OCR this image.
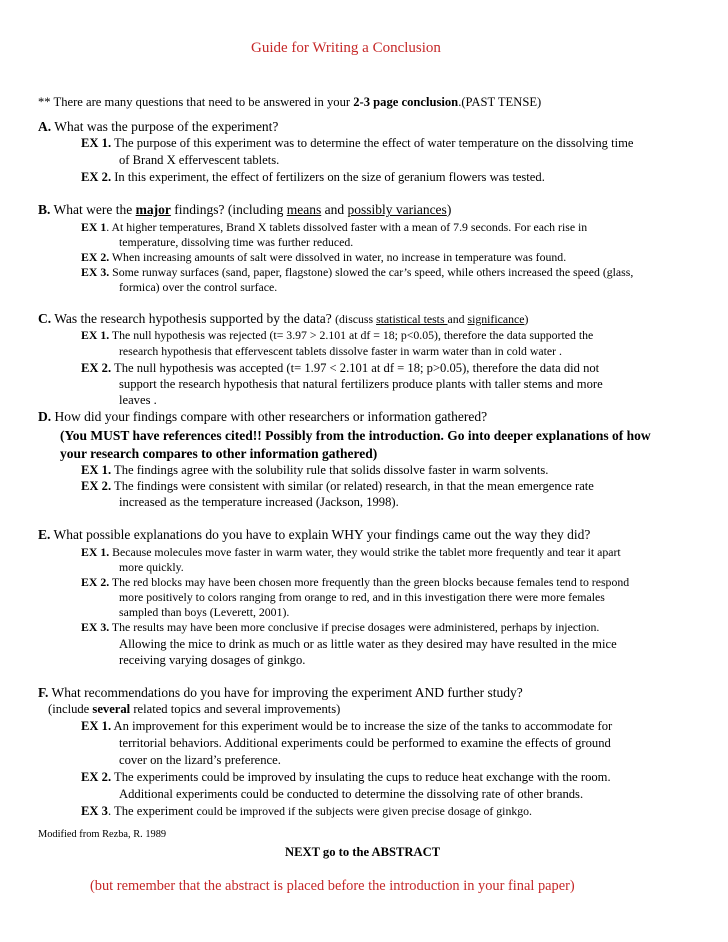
Guide for Writing a Conclusion
** There are many questions that need to be answered in your 2-3 page conclusion.(PAST TENSE)
A. What was the purpose of the experiment?
EX 1. The purpose of this experiment was to determine the effect of water temperature on the dissolving time
of Brand X effervescent tablets.
EX 2. In this experiment, the effect of fertilizers on the size of geranium flowers was tested.
B. What were the major findings? (including means and possibly variances)
EX 1. At higher temperatures, Brand X tablets dissolved faster with a mean of 7.9 seconds. For each rise in
temperature, dissolving time was further reduced.
EX 2. When increasing amounts of salt were dissolved in water, no increase in temperature was found.
EX 3. Some runway surfaces (sand, paper, flagstone) slowed the car’s speed, while others increased the speed (glass,
formica) over the control surface.
C. Was the research hypothesis supported by the data? (discuss statistical tests and significance)
EX 1. The null hypothesis was rejected (t= 3.97 > 2.101 at df = 18; p<0.05), therefore the data supported the
research hypothesis that effervescent tablets dissolve faster in warm water than in cold water .
EX 2. The null hypothesis was accepted (t= 1.97 < 2.101 at df = 18; p>0.05), therefore the data did not
support the research hypothesis that natural fertilizers produce plants with taller stems and more
leaves .
D. How did your findings compare with other researchers or information gathered?
(You MUST have references cited!! Possibly from the introduction. Go into deeper explanations of how
your research compares to other information gathered)
EX 1. The findings agree with the solubility rule that solids dissolve faster in warm solvents.
EX 2. The findings were consistent with similar (or related) research, in that the mean emergence rate
increased as the temperature increased (Jackson, 1998).
E. What possible explanations do you have to explain WHY your findings came out the way they did?
EX 1. Because molecules move faster in warm water, they would strike the tablet more frequently and tear it apart
more quickly.
EX 2. The red blocks may have been chosen more frequently than the green blocks because females tend to respond
more positively to colors ranging from orange to red, and in this investigation there were more females
sampled than boys (Leverett, 2001).
EX 3. The results may have been more conclusive if precise dosages were administered, perhaps by injection.
Allowing the mice to drink as much or as little water as they desired may have resulted in the mice
receiving varying dosages of ginkgo.
F. What recommendations do you have for improving the experiment AND further study?
(include several related topics and several improvements)
EX 1. An improvement for this experiment would be to increase the size of the tanks to accommodate for
territorial behaviors. Additional experiments could be performed to examine the effects of ground
cover on the lizard’s preference.
EX 2. The experiments could be improved by insulating the cups to reduce heat exchange with the room.
Additional experiments could be conducted to determine the dissolving rate of other brands.
EX 3. The experiment could be improved if the subjects were given precise dosage of ginkgo.
Modified from Rezba, R. 1989
NEXT go to the ABSTRACT
(but remember that the abstract is placed before the introduction in your final paper)
